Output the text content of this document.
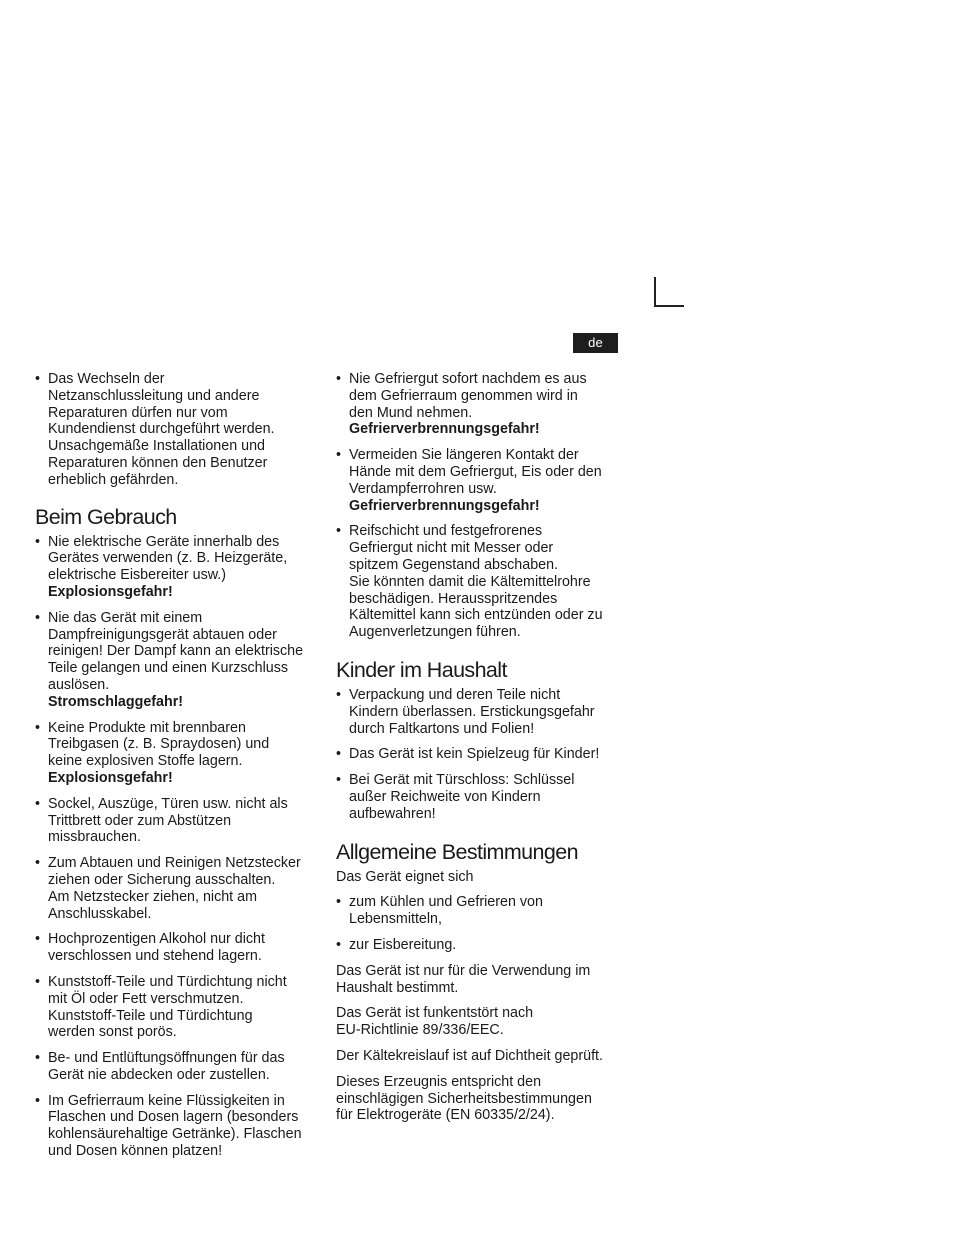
de
• Das Wechseln der
Netzanschlussleitung und andere
Reparaturen dürfen nur vom
Kundendienst durchgeführt werden.
Unsachgemäße Installationen und
Reparaturen können den Benutzer
erheblich gefährden.
Beim Gebrauch
• Nie elektrische Geräte innerhalb des
Gerätes verwenden (z. B. Heizgeräte,
elektrische Eisbereiter usw.)
Explosionsgefahr!
• Nie das Gerät mit einem
Dampfreinigungsgerät abtauen oder
reinigen! Der Dampf kann an elektrische
Teile gelangen und einen Kurzschluss
auslösen.
Stromschlaggefahr!
• Keine Produkte mit brennbaren
Treibgasen (z. B. Spraydosen) und
keine explosiven Stoffe lagern.
Explosionsgefahr!
• Sockel, Auszüge, Türen usw. nicht als
Trittbrett oder zum Abstützen
missbrauchen.
• Zum Abtauen und Reinigen Netzstecker
ziehen oder Sicherung ausschalten.
Am Netzstecker ziehen, nicht am
Anschlusskabel.
• Hochprozentigen Alkohol nur dicht
verschlossen und stehend lagern.
• Kunststoff-Teile und Türdichtung nicht
mit Öl oder Fett verschmutzen.
Kunststoff-Teile und Türdichtung
werden sonst porös.
• Be- und Entlüftungsöffnungen für das
Gerät nie abdecken oder zustellen.
• Im Gefrierraum keine Flüssigkeiten in
Flaschen und Dosen lagern (besonders
kohlensäurehaltige Getränke). Flaschen
und Dosen können platzen!
• Nie Gefriergut sofort nachdem es aus
dem Gefrierraum genommen wird in
den Mund nehmen.
Gefrierverbrennungsgefahr!
• Vermeiden Sie längeren Kontakt der
Hände mit dem Gefriergut, Eis oder den
Verdampferrohren usw.
Gefrierverbrennungsgefahr!
• Reifschicht und festgefrorenes
Gefriergut nicht mit Messer oder
spitzem Gegenstand abschaben.
Sie könnten damit die Kältemittelrohre
beschädigen. Herausspritzendes
Kältemittel kann sich entzünden oder zu
Augenverletzungen führen.
Kinder im Haushalt
• Verpackung und deren Teile nicht
Kindern überlassen. Erstickungsgefahr
durch Faltkartons und Folien!
• Das Gerät ist kein Spielzeug für Kinder!
• Bei Gerät mit Türschloss: Schlüssel
außer Reichweite von Kindern
aufbewahren!
Allgemeine Bestimmungen

Das Gerät eignet sich

• zum Kühlen und Gefrieren von
Lebensmitteln,
• zur Eisbereitung.

Das Gerät ist nur für die Verwendung im
Haushalt bestimmt.

Das Gerät ist funkentstört nach
EU-Richtlinie 89/336/EEC.

Der Kältekreislauf ist auf Dichtheit geprüft.

Dieses Erzeugnis entspricht den
einschlägigen Sicherheitsbestimmungen
für Elektrogeräte (EN 60335/2/24).
